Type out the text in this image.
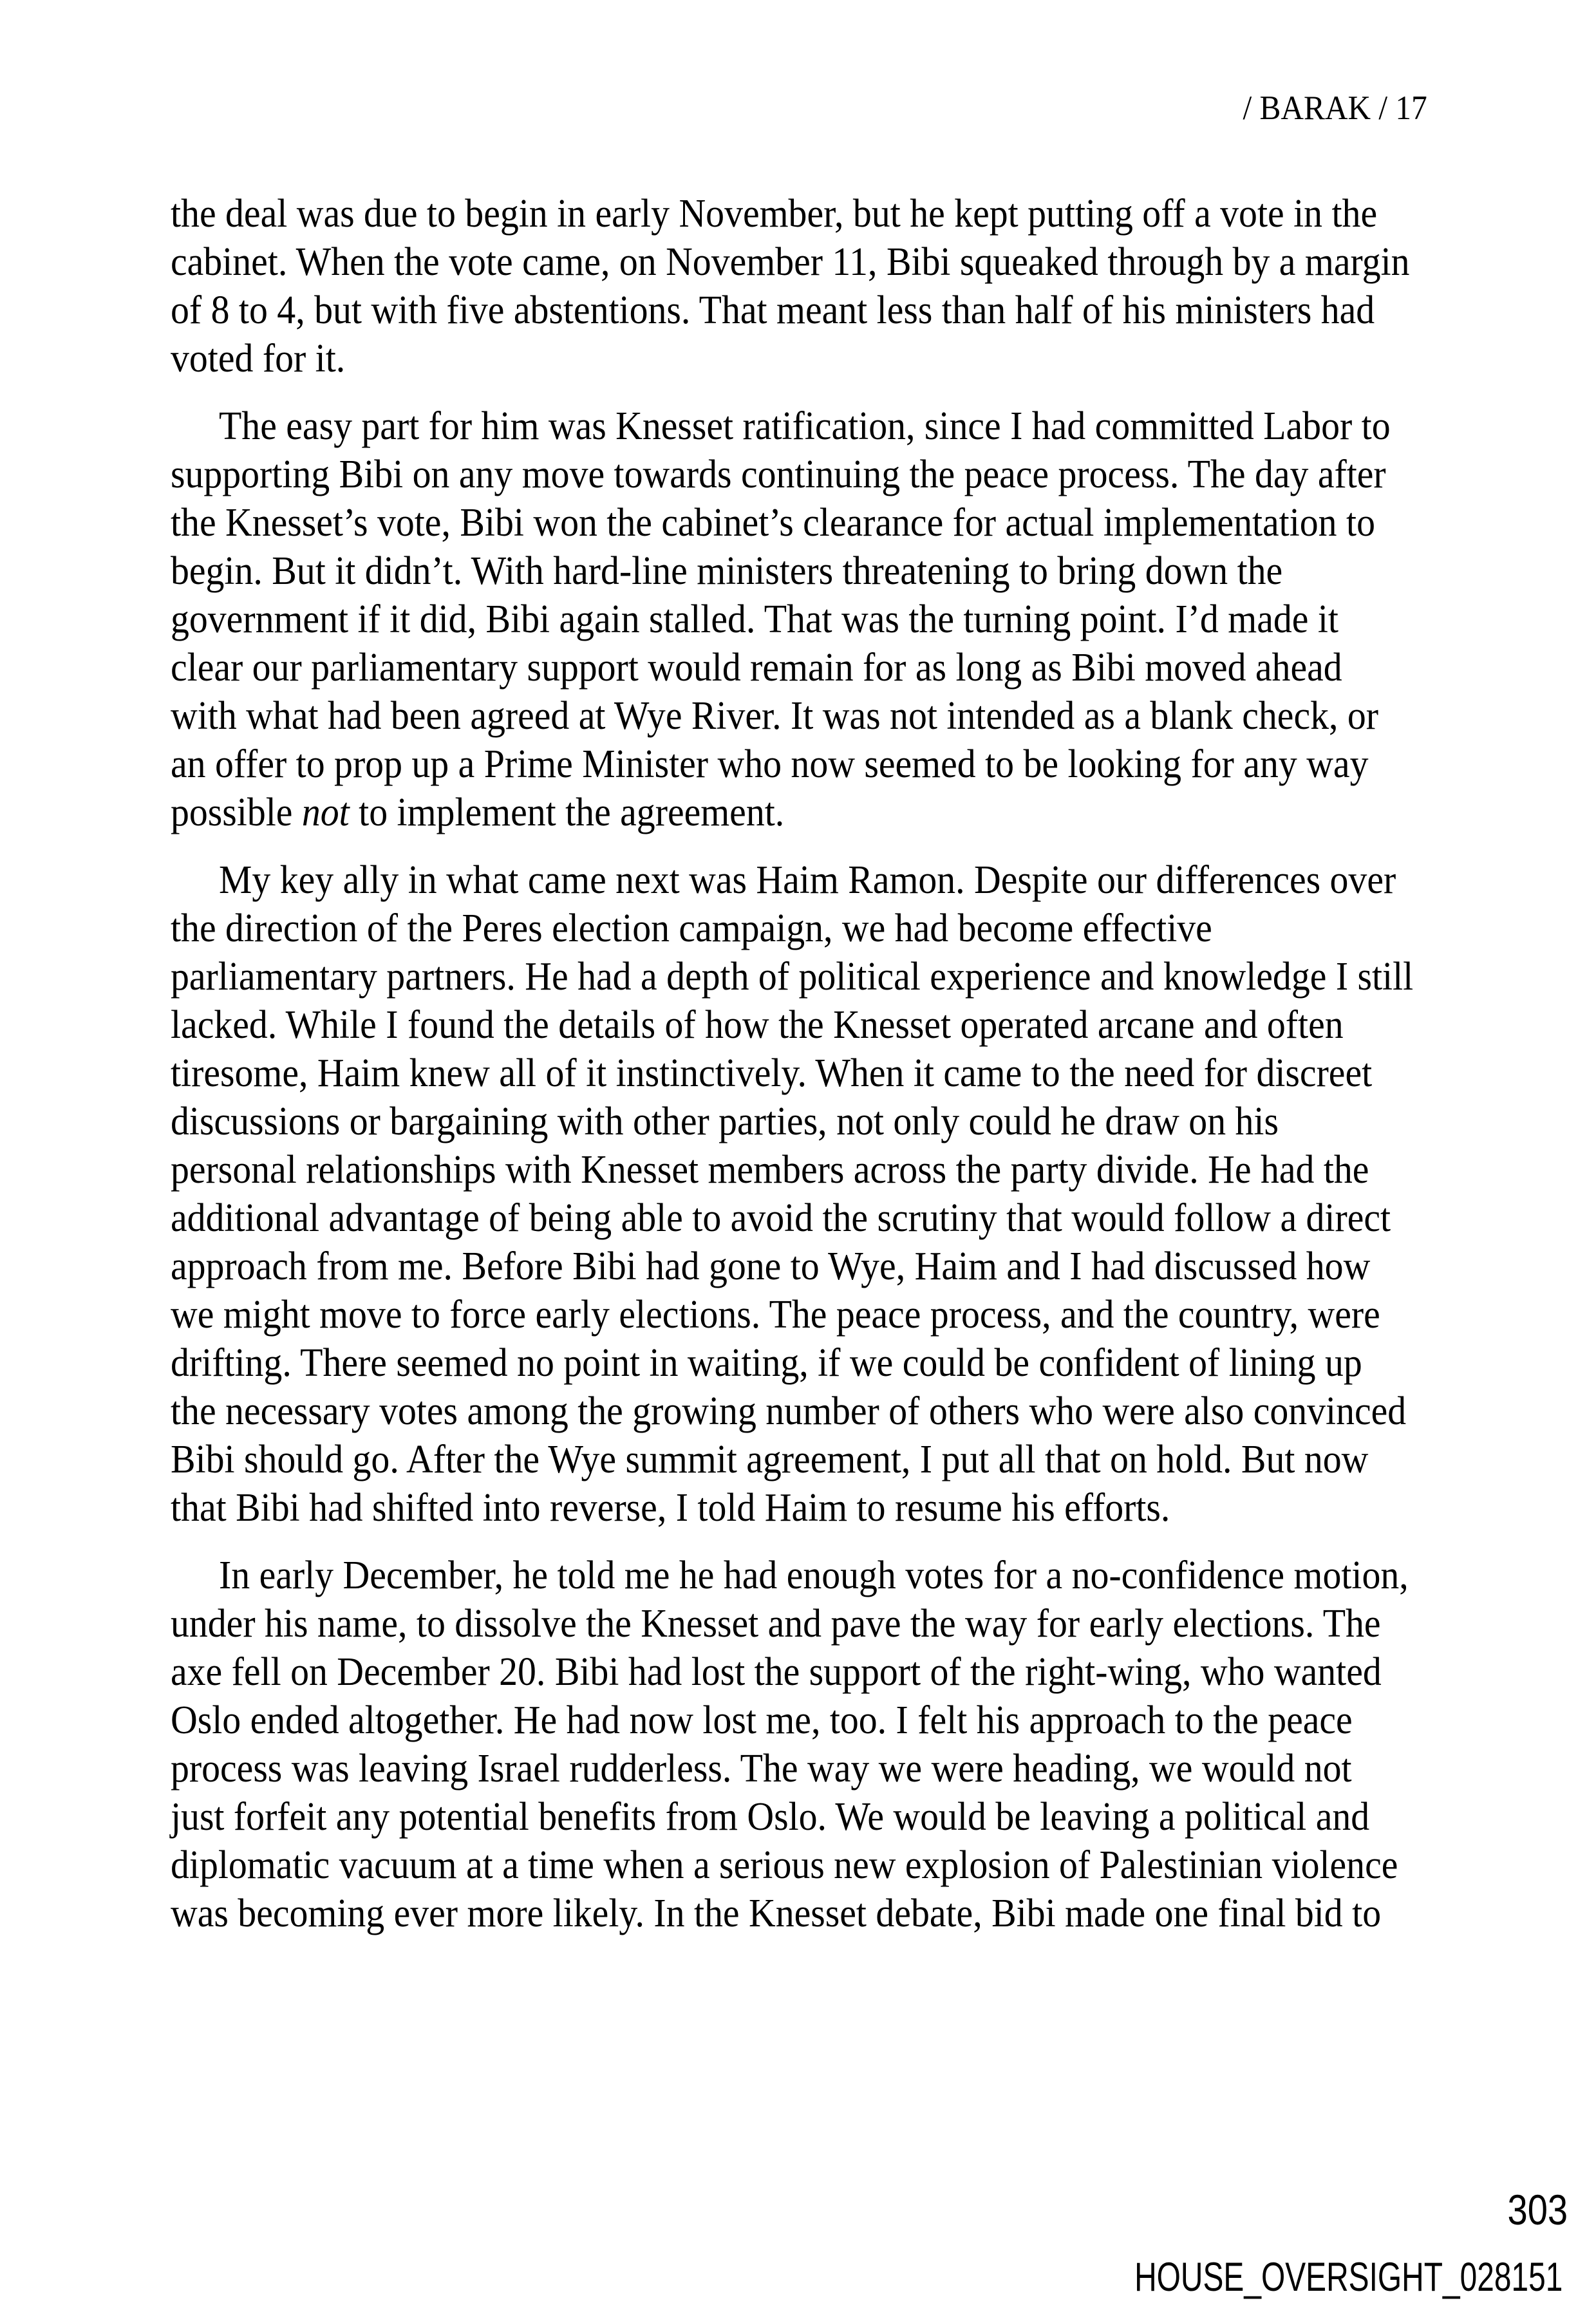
/ BARAK / 17
the deal was due to begin in early November, but he kept putting off a vote in the
cabinet. When the vote came, on November 11, Bibi squeaked through by a margin
of 8 to 4, but with five abstentions. That meant less than half of his ministers had
voted for it.
The easy part for him was Knesset ratification, since I had committed Labor to
supporting Bibi on any move towards continuing the peace process. The day after
the Knesset’s vote, Bibi won the cabinet’s clearance for actual implementation to
begin. But it didn’t. With hard-line ministers threatening to bring down the
government if it did, Bibi again stalled. That was the turning point. I’d made it
clear our parliamentary support would remain for as long as Bibi moved ahead
with what had been agreed at Wye River. It was not intended as a blank check, or
an offer to prop up a Prime Minister who now seemed to be looking for any way
possible not to implement the agreement.
My key ally in what came next was Haim Ramon. Despite our differences over
the direction of the Peres election campaign, we had become effective
parliamentary partners. He had a depth of political experience and knowledge I still
lacked. While I found the details of how the Knesset operated arcane and often
tiresome, Haim knew all of it instinctively. When it came to the need for discreet
discussions or bargaining with other parties, not only could he draw on his
personal relationships with Knesset members across the party divide. He had the
additional advantage of being able to avoid the scrutiny that would follow a direct
approach from me. Before Bibi had gone to Wye, Haim and I had discussed how
we might move to force early elections. The peace process, and the country, were
drifting. There seemed no point in waiting, if we could be confident of lining up
the necessary votes among the growing number of others who were also convinced
Bibi should go. After the Wye summit agreement, I put all that on hold. But now
that Bibi had shifted into reverse, I told Haim to resume his efforts.
In early December, he told me he had enough votes for a no-confidence motion,
under his name, to dissolve the Knesset and pave the way for early elections. The
axe fell on December 20. Bibi had lost the support of the right-wing, who wanted
Oslo ended altogether. He had now lost me, too. I felt his approach to the peace
process was leaving Israel rudderless. The way we were heading, we would not
just forfeit any potential benefits from Oslo. We would be leaving a political and
diplomatic vacuum at a time when a serious new explosion of Palestinian violence
was becoming ever more likely. In the Knesset debate, Bibi made one final bid to
303
HOUSE_OVERSIGHT_028151
